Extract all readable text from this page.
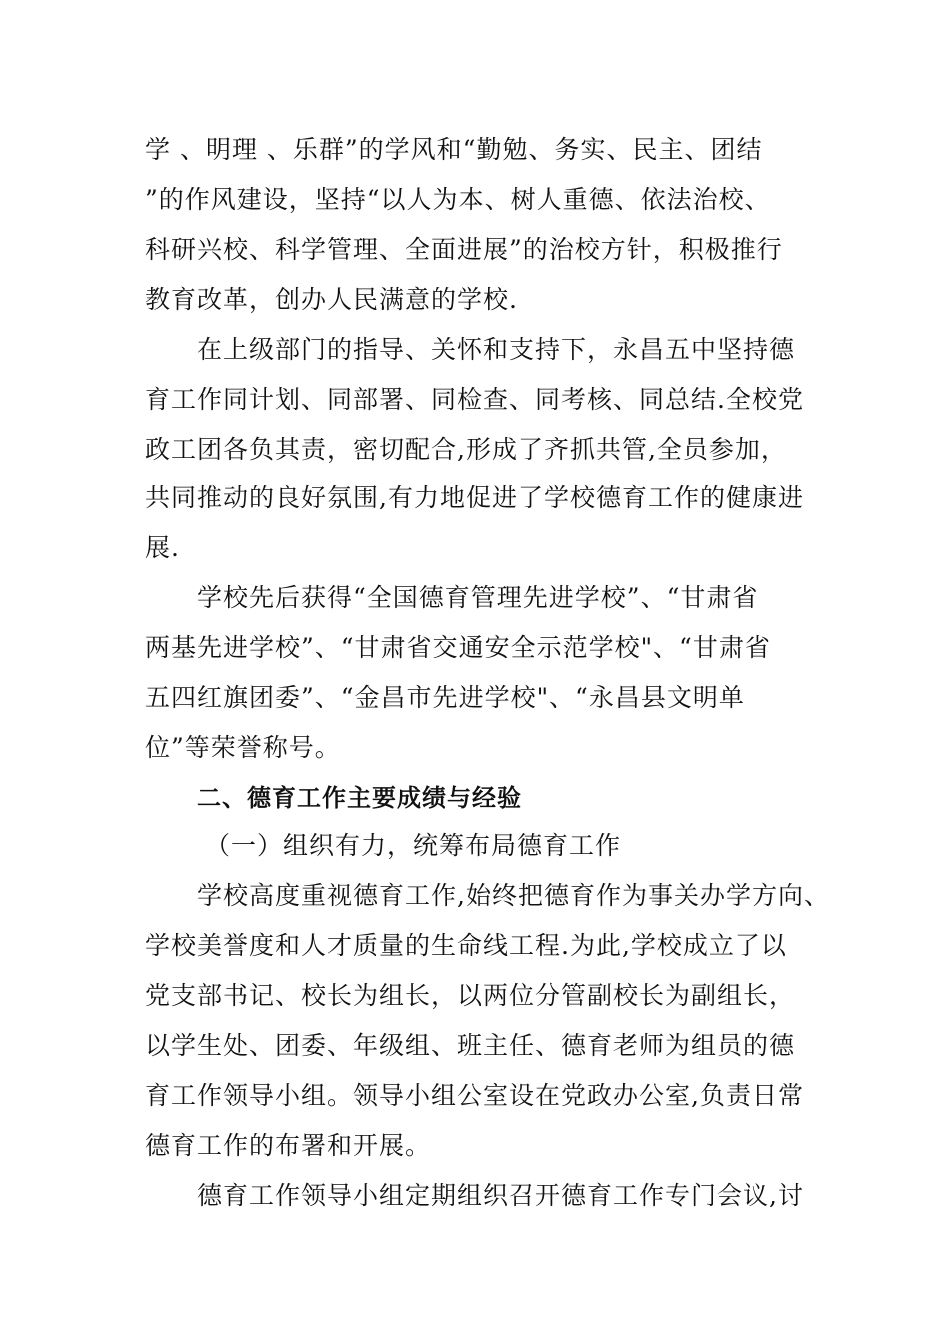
学 、明理 、乐群”的学风和“勤勉、务实、民主、团结
”的作风建设，坚持“以人为本、树人重德、依法治校、
科研兴校、科学管理、全面进展”的治校方针，积极推行
教育改革，创办人民满意的学校.
在上级部门的指导、关怀和支持下，永昌五中坚持德
育工作同计划、同部署、同检查、同考核、同总结.全校党
政工团各负其责，密切配合,形成了齐抓共管,全员参加，
共同推动的良好氛围,有力地促进了学校德育工作的健康进
展.
学校先后获得“全国德育管理先进学校”、“甘肃省
两基先进学校”、“甘肃省交通安全示范学校"、“甘肃省
五四红旗团委”、“金昌市先进学校"、“永昌县文明单
位”等荣誉称号。
二、德育工作主要成绩与经验
（一）组织有力，统筹布局德育工作
学校高度重视德育工作,始终把德育作为事关办学方向、
学校美誉度和人才质量的生命线工程.为此,学校成立了以
党支部书记、校长为组长，以两位分管副校长为副组长，
以学生处、团委、年级组、班主任、德育老师为组员的德
育工作领导小组。领导小组公室设在党政办公室,负责日常
德育工作的布署和开展。
德育工作领导小组定期组织召开德育工作专门会议,讨
